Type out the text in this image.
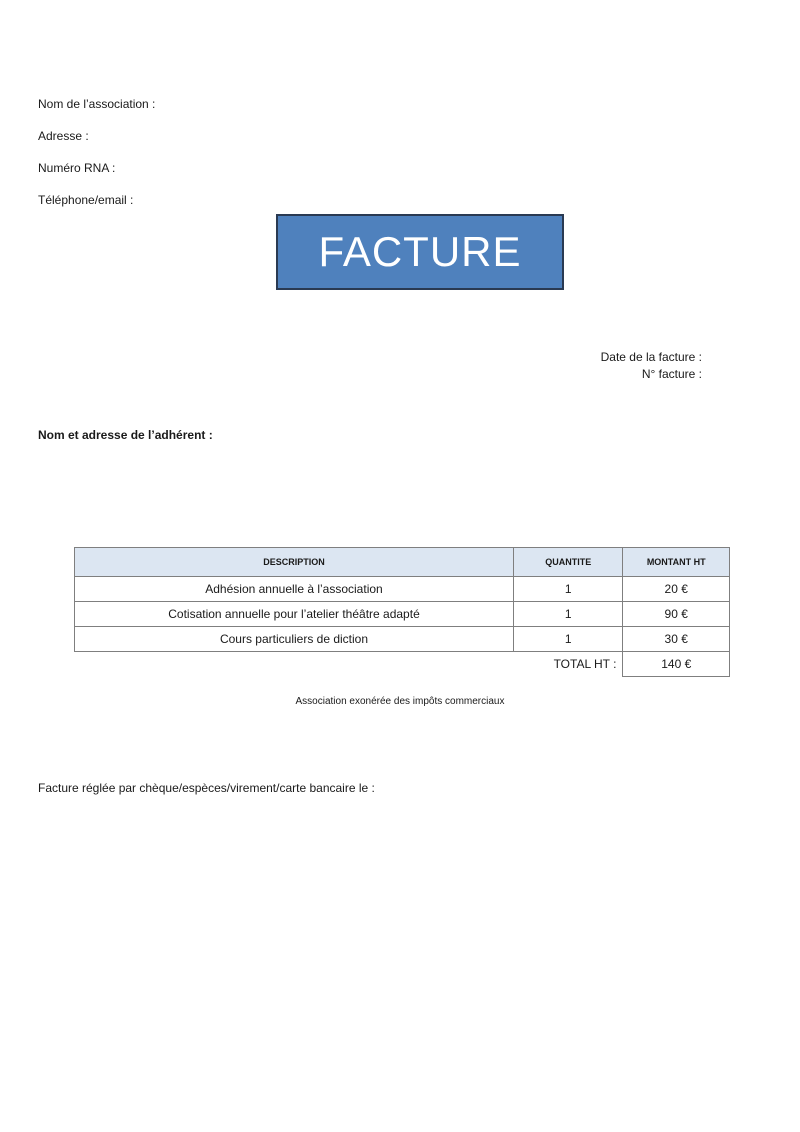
Nom de l’association :
Adresse :
Numéro RNA :
Téléphone/email :
FACTURE
Date de la facture :
N° facture :
Nom et adresse de l’adhérent :
DESCRIPTION	QUANTITE	MONTANT HT
Adhésion annuelle à l’association	1	20 €
Cotisation annuelle pour l’atelier théâtre adapté	1	90 €
Cours particuliers de diction	1	30 €
	TOTAL HT :	140 €
Association exonérée des impôts commerciaux
Facture réglée par chèque/espèces/virement/carte bancaire le :
